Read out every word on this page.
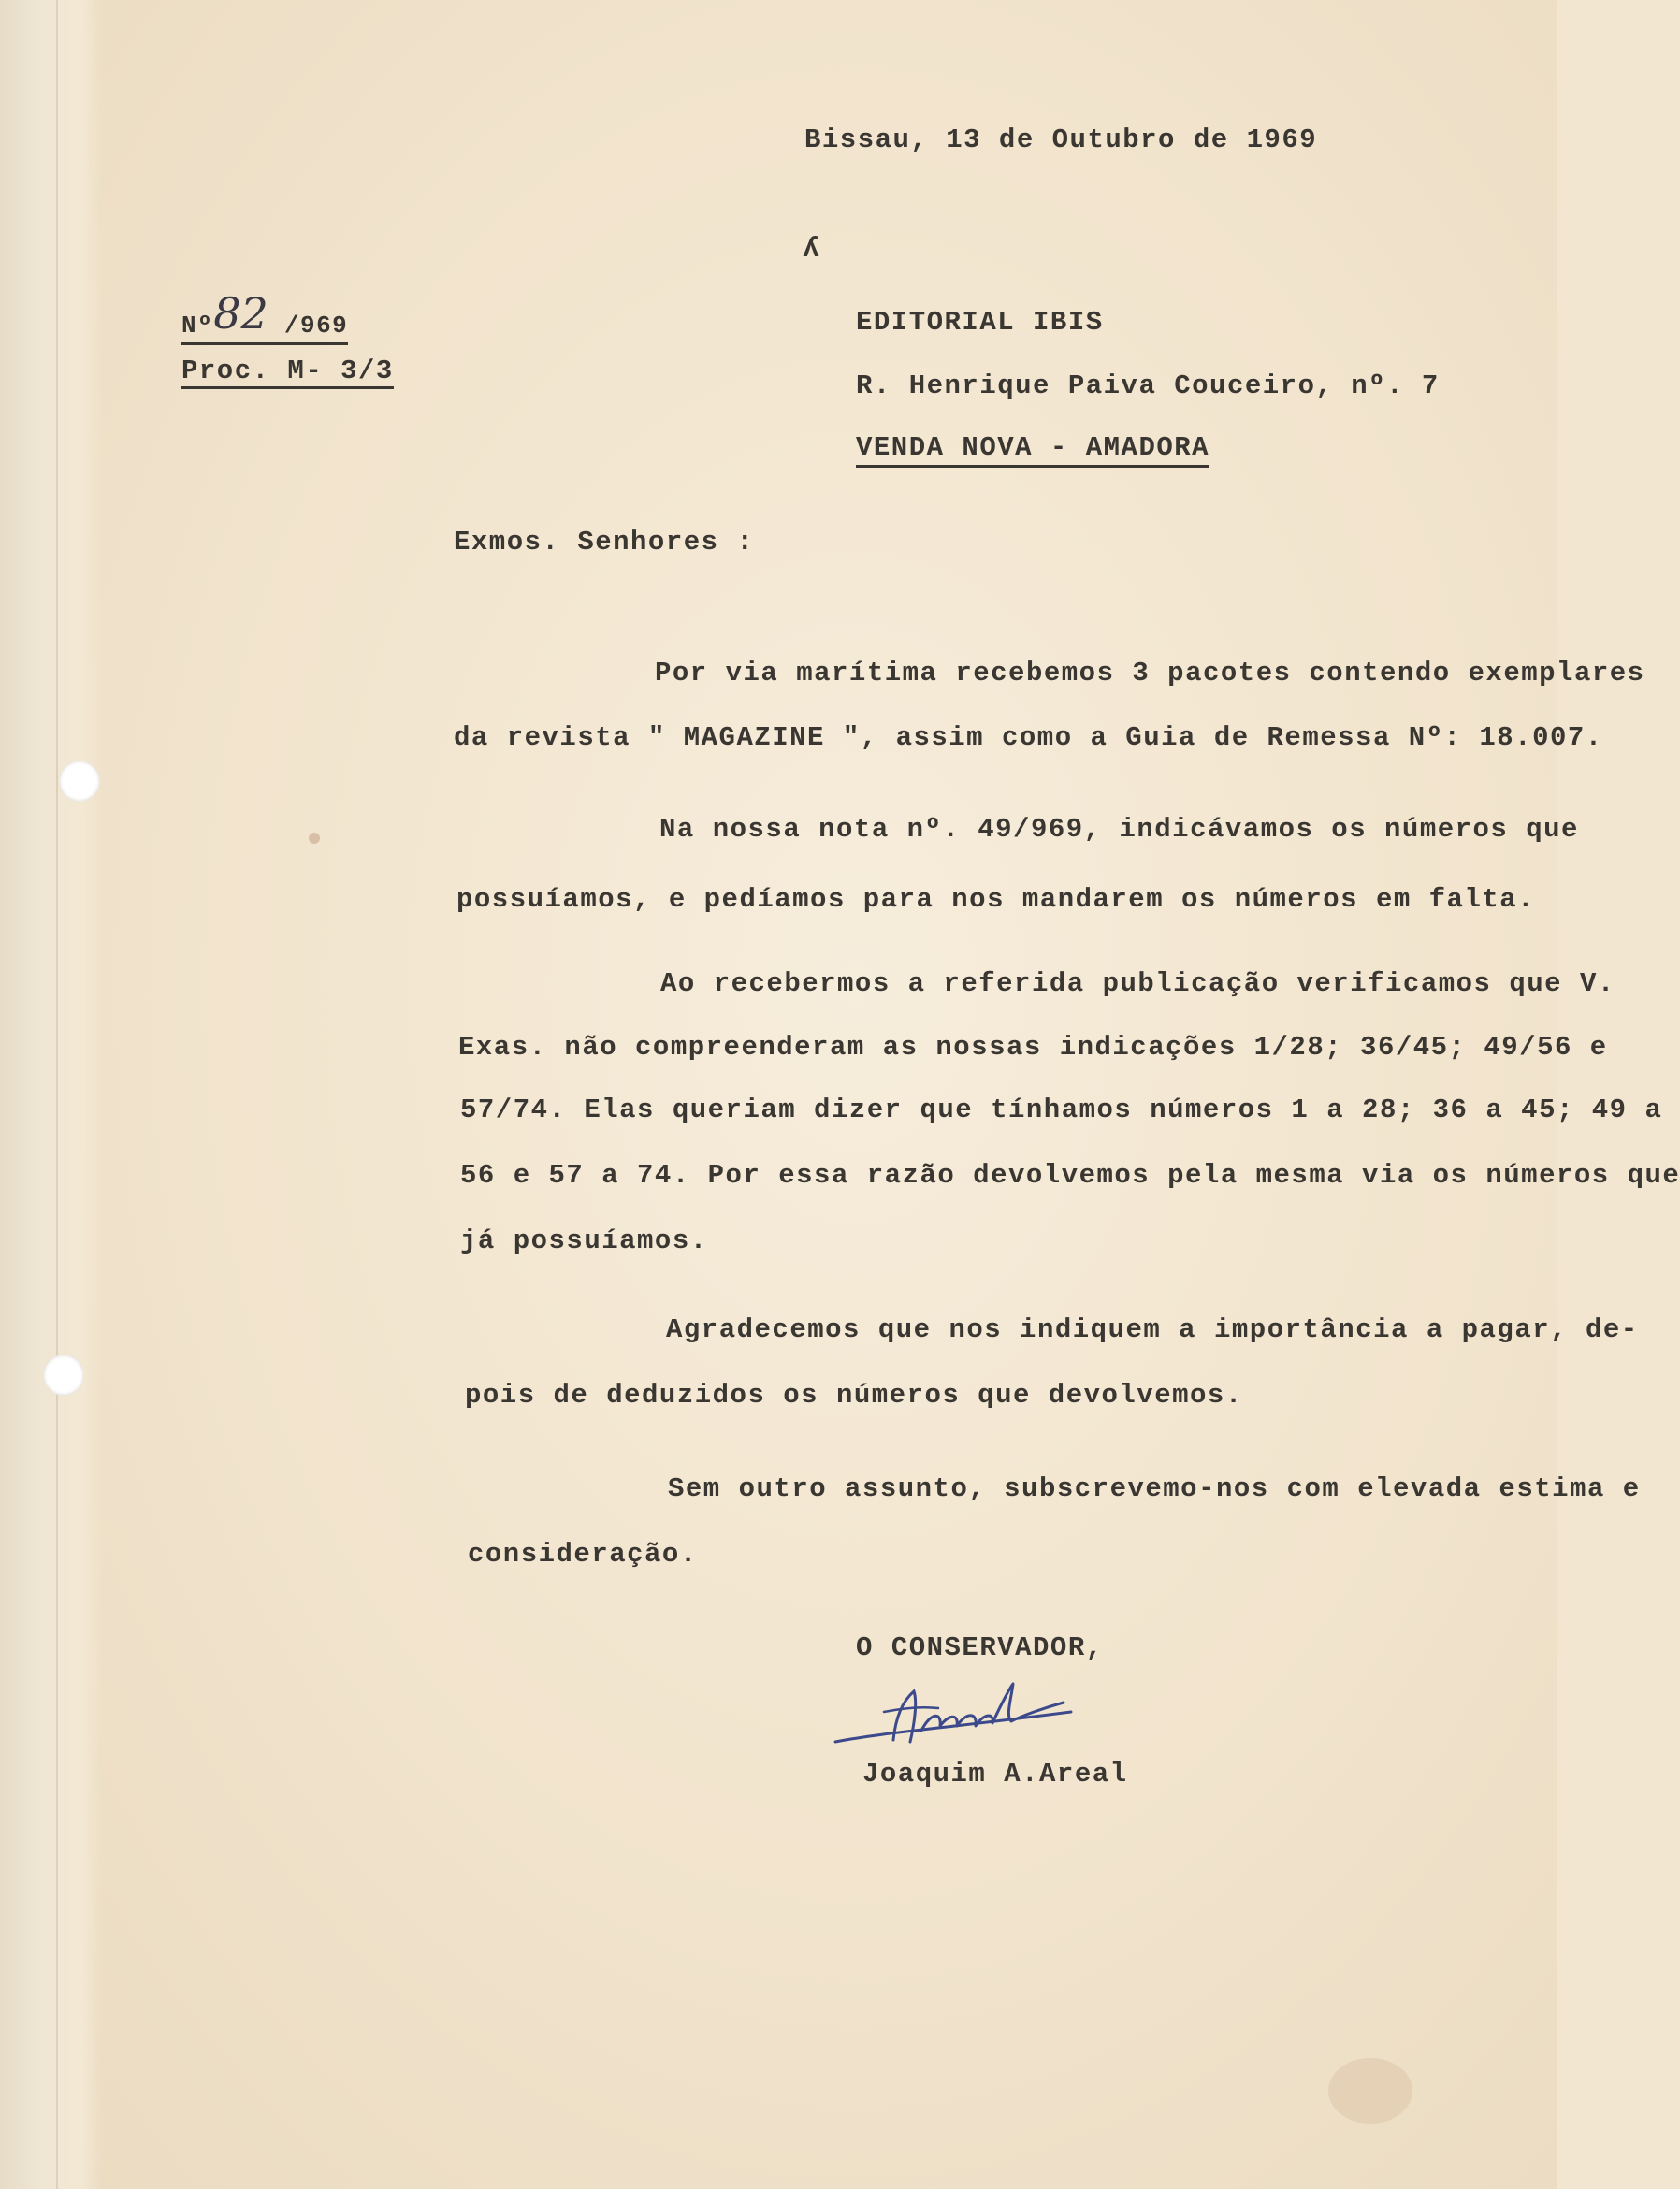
Bissau, 13 de Outubro de 1969
ʎ
Nº82 /969
Proc. M- 3/3
EDITORIAL IBIS
R. Henrique Paiva Couceiro, nº. 7
VENDA NOVA - AMADORA
Exmos. Senhores :
Por via marítima recebemos 3 pacotes contendo exemplares
da revista " MAGAZINE ", assim como a Guia de Remessa Nº: 18.007.
Na nossa nota nº. 49/969, indicávamos os números que
possuíamos, e pedíamos para nos mandarem os números em falta.
Ao recebermos a referida publicação verificamos que V.
Exas. não compreenderam as nossas indicações 1/28; 36/45; 49/56 e
57/74. Elas queriam dizer que tínhamos números 1 a 28; 36 a 45; 49 a
56 e 57 a 74. Por essa razão devolvemos pela mesma via os números que
já possuíamos.
Agradecemos que nos indiquem a importância a pagar, de-
pois de deduzidos os números que devolvemos.
Sem outro assunto, subscrevemo-nos com elevada estima e
consideração.
O CONSERVADOR,
Joaquim A.Areal
